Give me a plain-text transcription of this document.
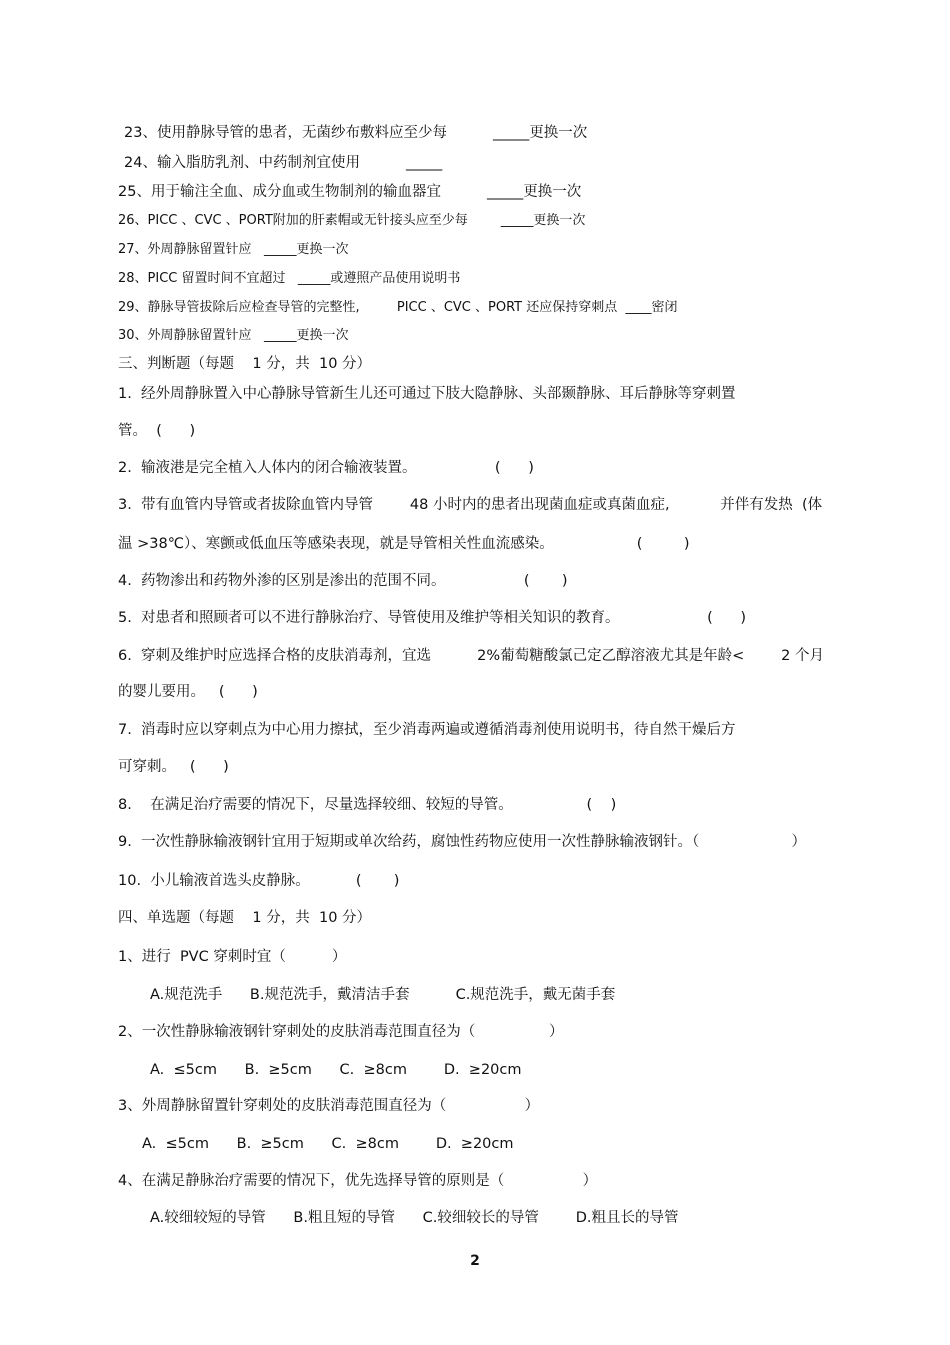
23、使用静脉导管的患者，无菌纱布敷料应至少每          _____更换一次
24、输入脂肪乳剂、中药制剂宜使用          _____
25、用于输注全血、成分血或生物制剂的输血器宜          _____更换一次
26、PICC 、CVC 、PORT附加的肝素帽或无针接头应至少每        _____更换一次
27、外周静脉留置针应   _____更换一次
28、PICC 留置时间不宜超过   _____或遵照产品使用说明书
29、静脉导管拔除后应检查导管的完整性,         PICC 、CVC 、PORT 还应保持穿刺点  ____密闭
30、外周静脉留置针应   _____更换一次
三、判断题（每题    1 分，共  10 分）
1.  经外周静脉置入中心静脉导管新生儿还可通过下肢大隐静脉、头部颞静脉、耳后静脉等穿刺置
管。  (      )
2.  输液港是完全植入人体内的闭合输液装置。                 (      )
3.  带有血管内导管或者拔除血管内导管        48 小时内的患者出现菌血症或真菌血症,           并伴有发热  (体
温 >38℃）、寒颤或低血压等感染表现，就是导管相关性血流感染。                  (         )
4.  药物渗出和药物外渗的区别是渗出的范围不同。                 (       )
5.  对患者和照顾者可以不进行静脉治疗、导管使用及维护等相关知识的教育。                   (      )
6.  穿刺及维护时应选择合格的皮肤消毒剂，宜选          2%葡萄糖酸氯己定乙醇溶液尤其是年龄<        2 个月
的婴儿要用。   (      )
7.  消毒时应以穿刺点为中心用力擦拭，至少消毒两遍或遵循消毒剂使用说明书，待自然干燥后方
可穿刺。   (      )
8.    在满足治疗需要的情况下，尽量选择较细、较短的导管。                (    )
9.  一次性静脉输液钢针宜用于短期或单次给药，腐蚀性药物应使用一次性静脉输液钢针。（                    ）
10.  小儿输液首选头皮静脉。          (       )
四、单选题（每题    1 分，共  10 分）
1、进行  PVC 穿刺时宜（          ）
A.规范洗手      B.规范洗手，戴清洁手套          C.规范洗手，戴无菌手套
2、一次性静脉输液钢针穿刺处的皮肤消毒范围直径为（                ）
A.  ≤5cm      B.  ≥5cm      C.  ≥8cm        D.  ≥20cm
3、外周静脉留置针穿刺处的皮肤消毒范围直径为（                 ）
A.  ≤5cm      B.  ≥5cm      C.  ≥8cm        D.  ≥20cm
4、在满足静脉治疗需要的情况下，优先选择导管的原则是（                 ）
A.较细较短的导管      B.粗且短的导管      C.较细较长的导管        D.粗且长的导管
2
